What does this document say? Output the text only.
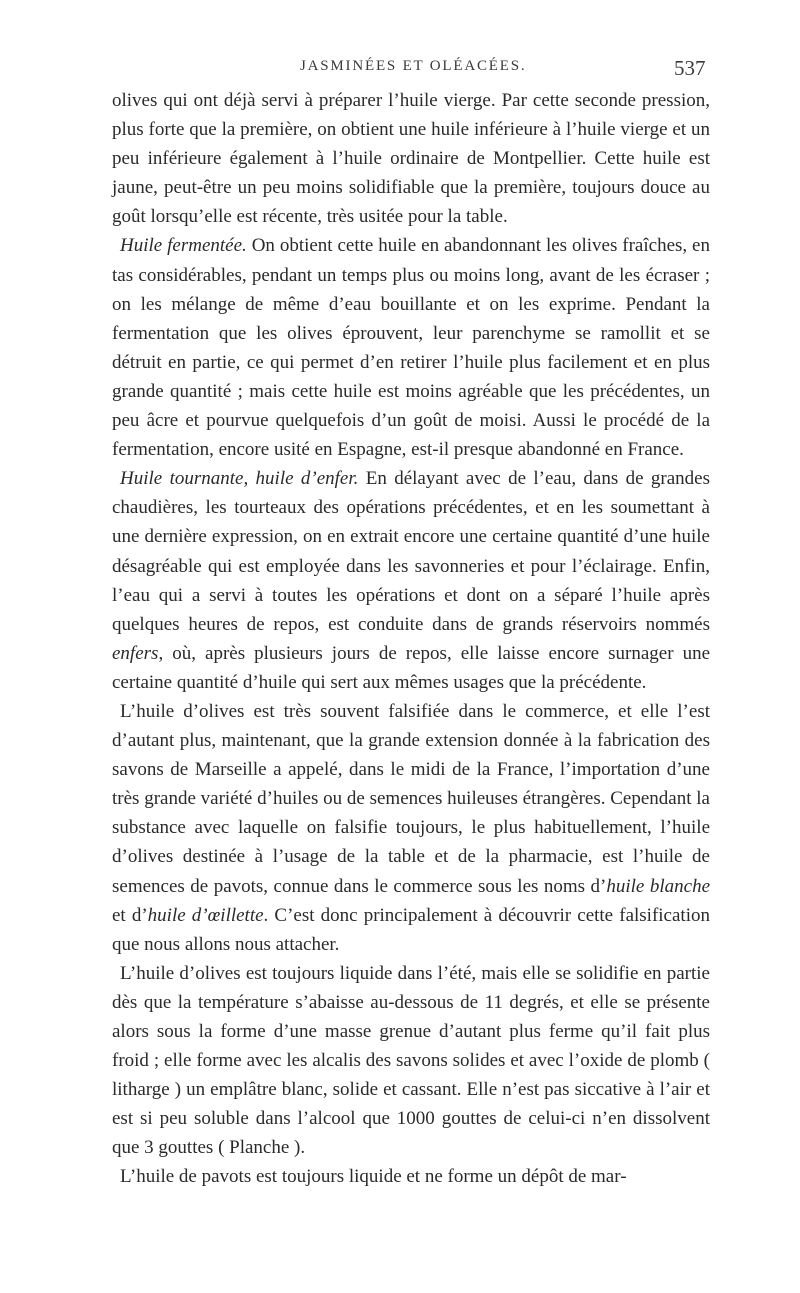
JASMINÉES ET OLÉACÉES.	537

olives qui ont déjà servi à préparer l’huile vierge. Par cette seconde pression, plus forte que la première, on obtient une huile inférieure à l’huile vierge et un peu inférieure également à l’huile ordinaire de Montpellier. Cette huile est jaune, peut-être un peu moins solidifiable que la première, toujours douce au goût lorsqu’elle est récente, très usitée pour la table.

Huile fermentée. On obtient cette huile en abandonnant les olives fraîches, en tas considérables, pendant un temps plus ou moins long, avant de les écraser ; on les mélange de même d’eau bouillante et on les exprime. Pendant la fermentation que les olives éprouvent, leur parenchyme se ramollit et se détruit en partie, ce qui permet d’en retirer l’huile plus facilement et en plus grande quantité ; mais cette huile est moins agréable que les précédentes, un peu âcre et pourvue quelquefois d’un goût de moisi. Aussi le procédé de la fermentation, encore usité en Espagne, est-il presque abandonné en France.

Huile tournante, huile d’enfer. En délayant avec de l’eau, dans de grandes chaudières, les tourteaux des opérations précédentes, et en les soumettant à une dernière expression, on en extrait encore une certaine quantité d’une huile désagréable qui est employée dans les savonneries et pour l’éclairage. Enfin, l’eau qui a servi à toutes les opérations et dont on a séparé l’huile après quelques heures de repos, est conduite dans de grands réservoirs nommés enfers, où, après plusieurs jours de repos, elle laisse encore surnager une certaine quantité d’huile qui sert aux mêmes usages que la précédente.

L’huile d’olives est très souvent falsifiée dans le commerce, et elle l’est d’autant plus, maintenant, que la grande extension donnée à la fabrication des savons de Marseille a appelé, dans le midi de la France, l’importation d’une très grande variété d’huiles ou de semences huileuses étrangères. Cependant la substance avec laquelle on falsifie toujours, le plus habituellement, l’huile d’olives destinée à l’usage de la table et de la pharmacie, est l’huile de semences de pavots, connue dans le commerce sous les noms d’huile blanche et d’huile d’œillette. C’est donc principalement à découvrir cette falsification que nous allons nous attacher.

L’huile d’olives est toujours liquide dans l’été, mais elle se solidifie en partie dès que la température s’abaisse au-dessous de 11 degrés, et elle se présente alors sous la forme d’une masse grenue d’autant plus ferme qu’il fait plus froid ; elle forme avec les alcalis des savons solides et avec l’oxide de plomb ( litharge ) un emplâtre blanc, solide et cassant. Elle n’est pas siccative à l’air et est si peu soluble dans l’alcool que 1000 gouttes de celui-ci n’en dissolvent que 3 gouttes ( Planche ).

L’huile de pavots est toujours liquide et ne forme un dépôt de mar-
